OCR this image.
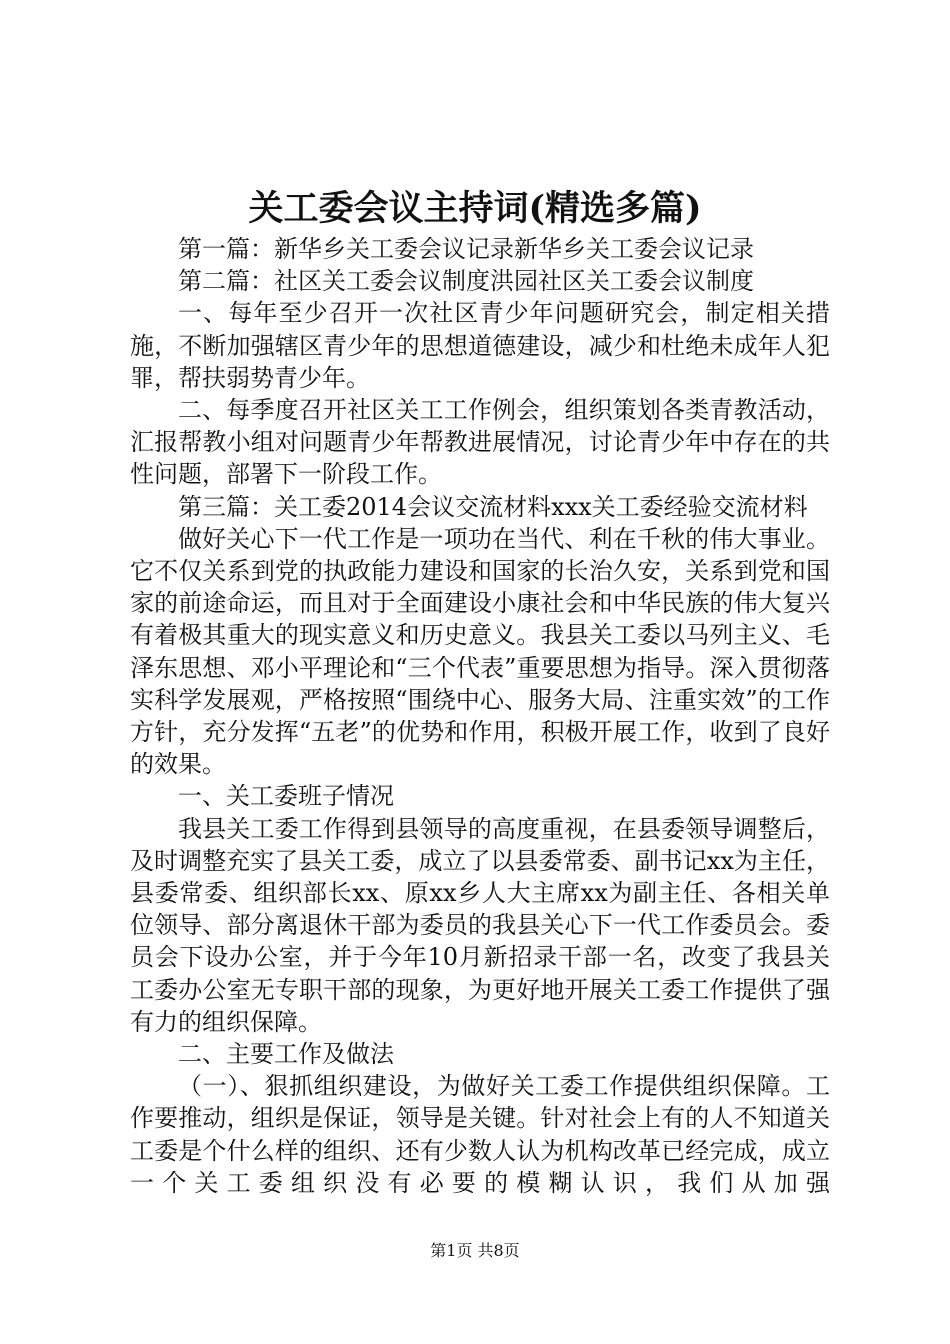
关工委会议主持词(精选多篇)

第一篇：新华乡关工委会议记录新华乡关工委会议记录

第二篇：社区关工委会议制度洪园社区关工委会议制度

一、每年至少召开一次社区青少年问题研究会，制定相关措施，不断加强辖区青少年的思想道德建设，减少和杜绝未成年人犯罪，帮扶弱势青少年。

二、每季度召开社区关工工作例会，组织策划各类青教活动，汇报帮教小组对问题青少年帮教进展情况，讨论青少年中存在的共性问题，部署下一阶段工作。

第三篇：关工委2014会议交流材料xxx关工委经验交流材料

做好关心下一代工作是一项功在当代、利在千秋的伟大事业。它不仅关系到党的执政能力建设和国家的长治久安，关系到党和国家的前途命运，而且对于全面建设小康社会和中华民族的伟大复兴有着极其重大的现实意义和历史意义。我县关工委以马列主义、毛泽东思想、邓小平理论和“三个代表”重要思想为指导。深入贯彻落实科学发展观，严格按照“围绕中心、服务大局、注重实效”的工作方针，充分发挥“五老”的优势和作用，积极开展工作，收到了良好的效果。

一、关工委班子情况

我县关工委工作得到县领导的高度重视，在县委领导调整后，及时调整充实了县关工委，成立了以县委常委、副书记xx为主任，县委常委、组织部长xx、原xx乡人大主席xx为副主任、各相关单位领导、部分离退休干部为委员的我县关心下一代工作委员会。委员会下设办公室，并于今年10月新招录干部一名，改变了我县关工委办公室无专职干部的现象，为更好地开展关工委工作提供了强有力的组织保障。

二、主要工作及做法

（一）、狠抓组织建设，为做好关工委工作提供组织保障。工作要推动，组织是保证，领导是关键。针对社会上有的人不知道关工委是个什么样的组织、还有少数人认为机构改革已经完成，成立一个关工委组织没有必要的模糊认识，我们从加强

第1页 共8页
